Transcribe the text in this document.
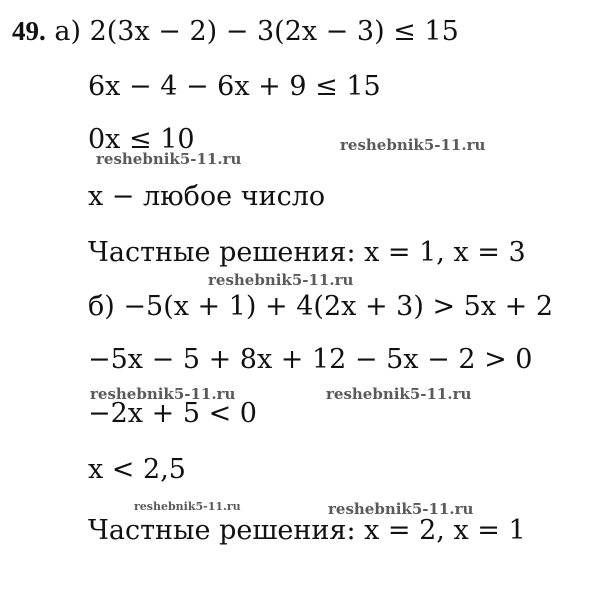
49. а) 2(3x − 2) − 3(2x − 3) ≤ 15
6x − 4 − 6x + 9 ≤ 15
0x ≤ 10
x − любое число
Частные решения: x = 1, x = 3
б) −5(x + 1) + 4(2x + 3) > 5x + 2
−5x − 5 + 8x + 12 − 5x − 2 > 0
−2x + 5 < 0
x < 2,5
Частные решения: x = 2, x = 1
reshebnik5-11.ru
reshebnik5-11.ru
reshebnik5-11.ru
reshebnik5-11.ru	reshebnik5-11.ru
reshebnik5-11.ru	reshebnik5-11.ru
